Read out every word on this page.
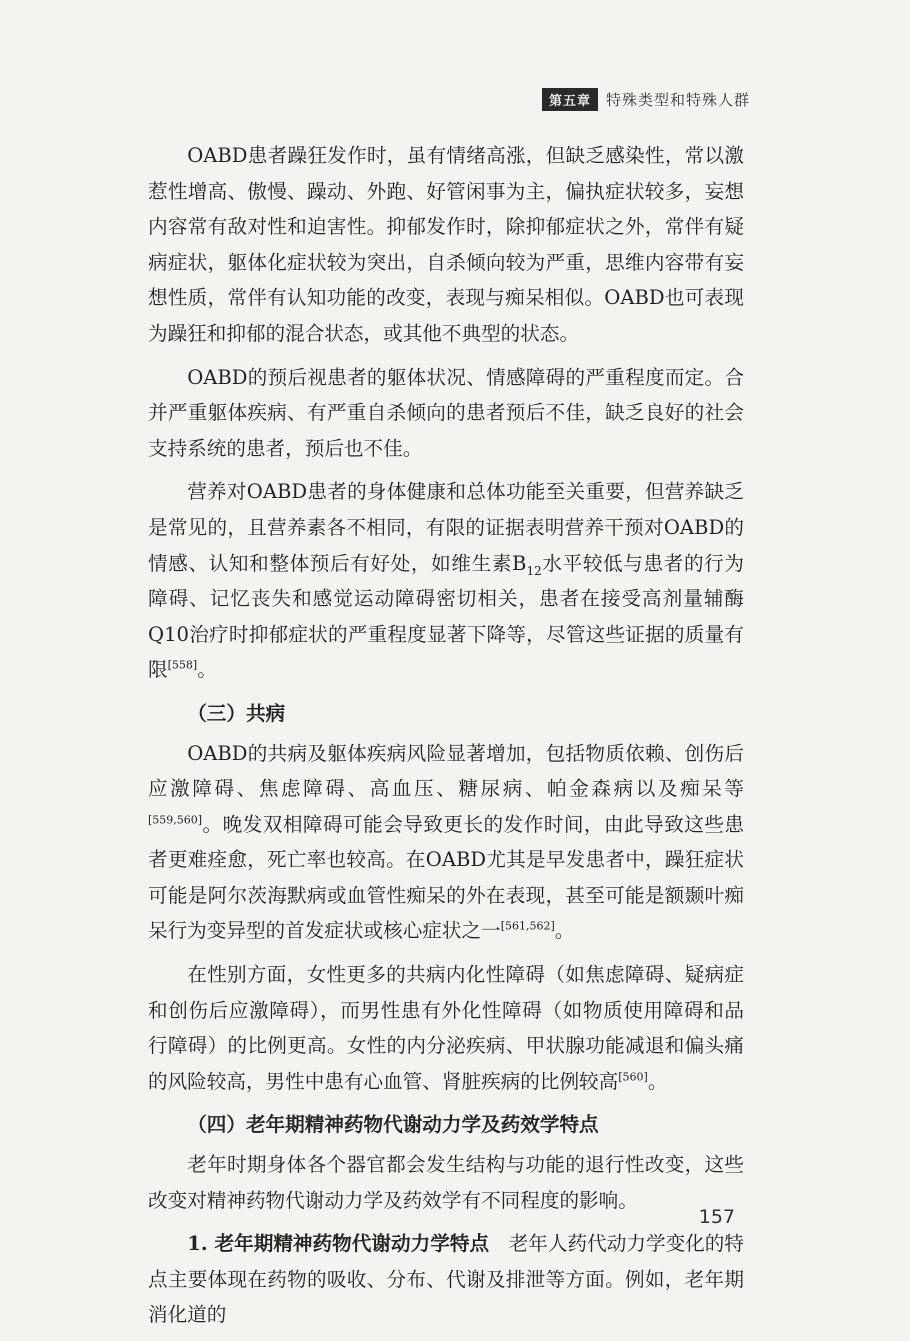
第五章	特殊类型和特殊人群

OABD患者躁狂发作时，虽有情绪高涨，但缺乏感染性，常以激惹性增高、傲慢、躁动、外跑、好管闲事为主，偏执症状较多，妄想内容常有敌对性和迫害性。抑郁发作时，除抑郁症状之外，常伴有疑病症状，躯体化症状较为突出，自杀倾向较为严重，思维内容带有妄想性质，常伴有认知功能的改变，表现与痴呆相似。OABD也可表现为躁狂和抑郁的混合状态，或其他不典型的状态。

OABD的预后视患者的躯体状况、情感障碍的严重程度而定。合并严重躯体疾病、有严重自杀倾向的患者预后不佳，缺乏良好的社会支持系统的患者，预后也不佳。

营养对OABD患者的身体健康和总体功能至关重要，但营养缺乏是常见的，且营养素各不相同，有限的证据表明营养干预对OABD的情感、认知和整体预后有好处，如维生素$B_{12}$水平较低与患者的行为障碍、记忆丧失和感觉运动障碍密切相关，患者在接受高剂量辅酶Q10治疗时抑郁症状的严重程度显著下降等，尽管这些证据的质量有限[558]。

（三）共病

OABD的共病及躯体疾病风险显著增加，包括物质依赖、创伤后应激障碍、焦虑障碍、高血压、糖尿病、帕金森病以及痴呆等[559,560]。晚发双相障碍可能会导致更长的发作时间，由此导致这些患者更难痊愈，死亡率也较高。在OABD尤其是早发患者中，躁狂症状可能是阿尔茨海默病或血管性痴呆的外在表现，甚至可能是额颞叶痴呆行为变异型的首发症状或核心症状之一[561,562]。

在性别方面，女性更多的共病内化性障碍（如焦虑障碍、疑病症和创伤后应激障碍），而男性患有外化性障碍（如物质使用障碍和品行障碍）的比例更高。女性的内分泌疾病、甲状腺功能减退和偏头痛的风险较高，男性中患有心血管、肾脏疾病的比例较高[560]。

（四）老年期精神药物代谢动力学及药效学特点

老年时期身体各个器官都会发生结构与功能的退行性改变，这些改变对精神药物代谢动力学及药效学有不同程度的影响。

1. 老年期精神药物代谢动力学特点  老年人药代动力学变化的特点主要体现在药物的吸收、分布、代谢及排泄等方面。例如，老年期消化道的

157
